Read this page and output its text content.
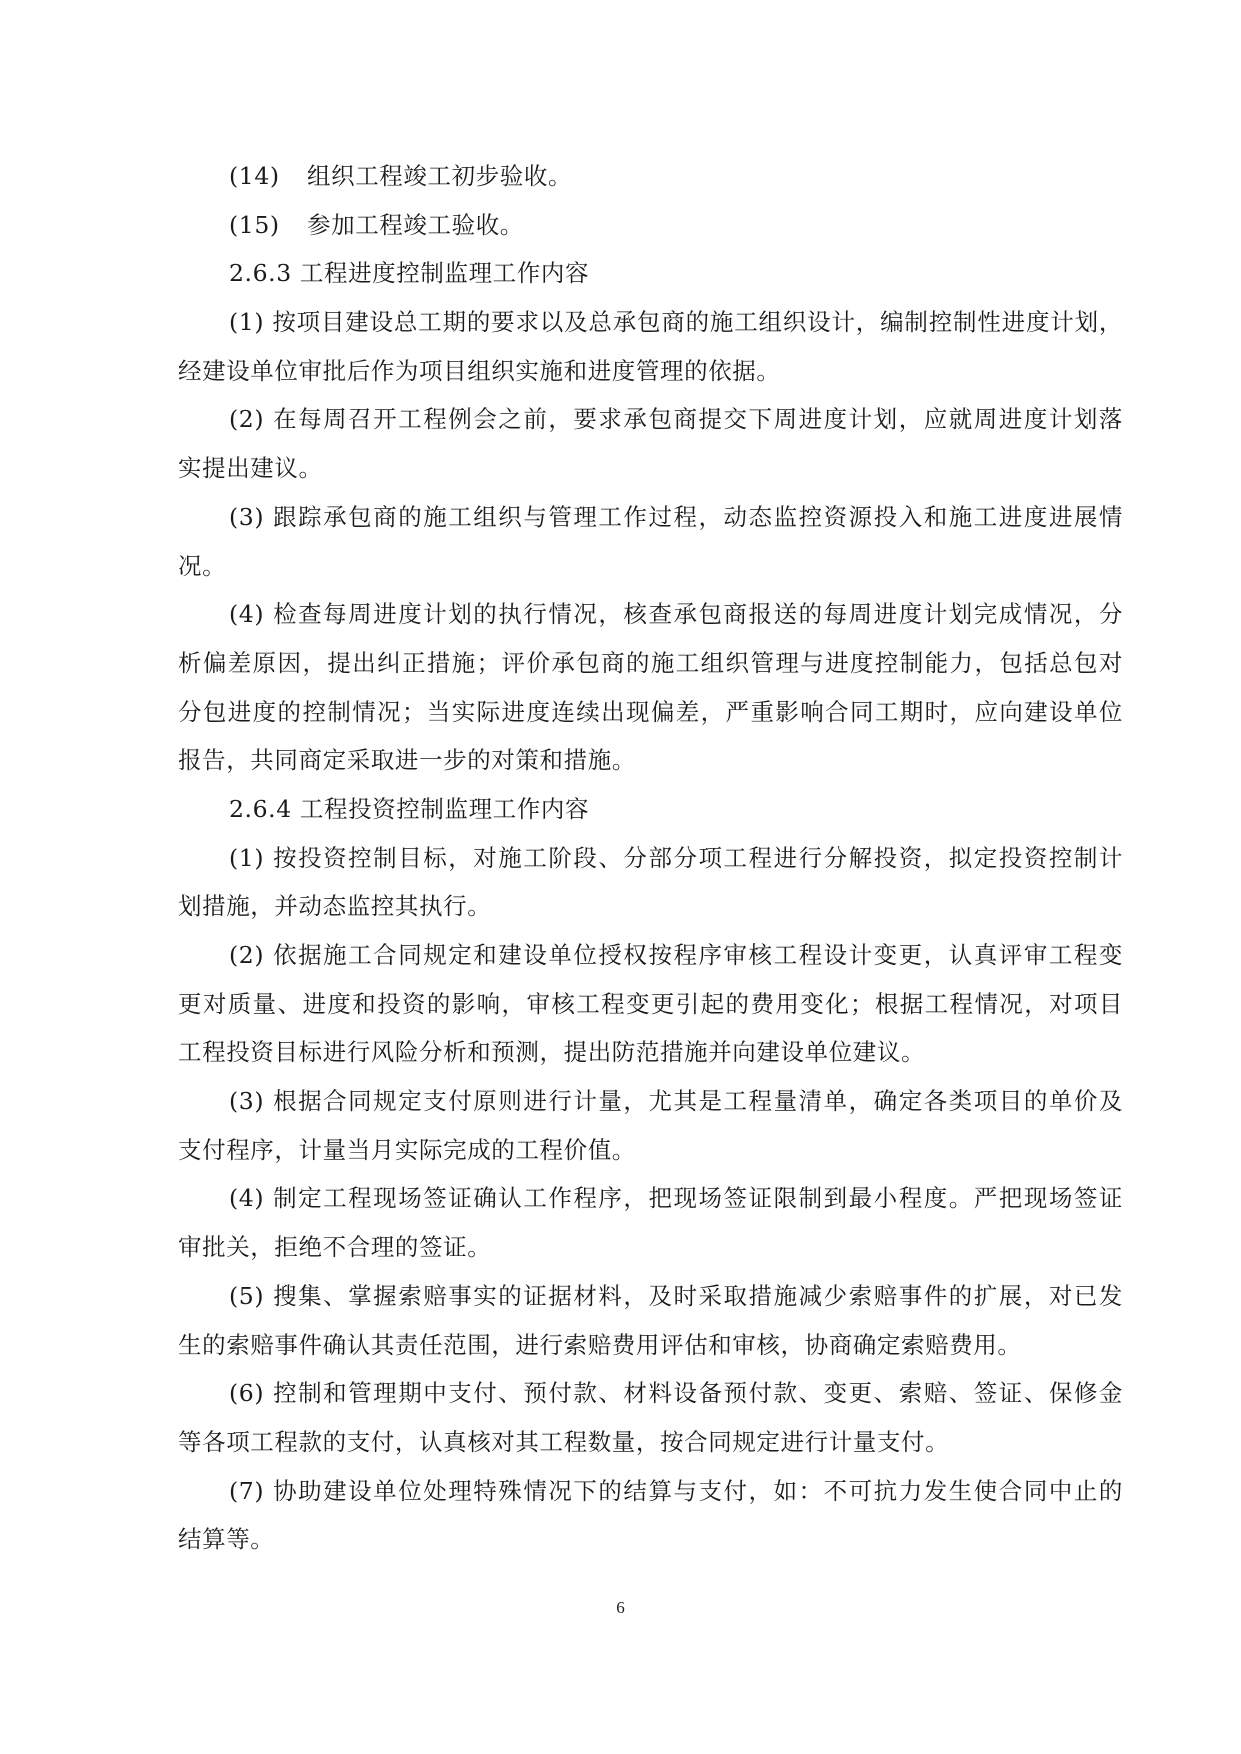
(14) 组织工程竣工初步验收。
(15) 参加工程竣工验收。
2.6.3 工程进度控制监理工作内容
(1) 按项目建设总工期的要求以及总承包商的施工组织设计，编制控制性进度计划，
经建设单位审批后作为项目组织实施和进度管理的依据。
(2) 在每周召开工程例会之前，要求承包商提交下周进度计划，应就周进度计划落
实提出建议。
(3) 跟踪承包商的施工组织与管理工作过程，动态监控资源投入和施工进度进展情
况。
(4) 检查每周进度计划的执行情况，核查承包商报送的每周进度计划完成情况，分
析偏差原因，提出纠正措施；评价承包商的施工组织管理与进度控制能力，包括总包对
分包进度的控制情况；当实际进度连续出现偏差，严重影响合同工期时，应向建设单位
报告，共同商定采取进一步的对策和措施。
2.6.4 工程投资控制监理工作内容
(1) 按投资控制目标，对施工阶段、分部分项工程进行分解投资，拟定投资控制计
划措施，并动态监控其执行。
(2) 依据施工合同规定和建设单位授权按程序审核工程设计变更，认真评审工程变
更对质量、进度和投资的影响，审核工程变更引起的费用变化；根据工程情况，对项目
工程投资目标进行风险分析和预测，提出防范措施并向建设单位建议。
(3) 根据合同规定支付原则进行计量，尤其是工程量清单，确定各类项目的单价及
支付程序，计量当月实际完成的工程价值。
(4) 制定工程现场签证确认工作程序，把现场签证限制到最小程度。严把现场签证
审批关，拒绝不合理的签证。
(5) 搜集、掌握索赔事实的证据材料，及时采取措施减少索赔事件的扩展，对已发
生的索赔事件确认其责任范围，进行索赔费用评估和审核，协商确定索赔费用。
(6) 控制和管理期中支付、预付款、材料设备预付款、变更、索赔、签证、保修金
等各项工程款的支付，认真核对其工程数量，按合同规定进行计量支付。
(7) 协助建设单位处理特殊情况下的结算与支付，如：不可抗力发生使合同中止的
结算等。
6
